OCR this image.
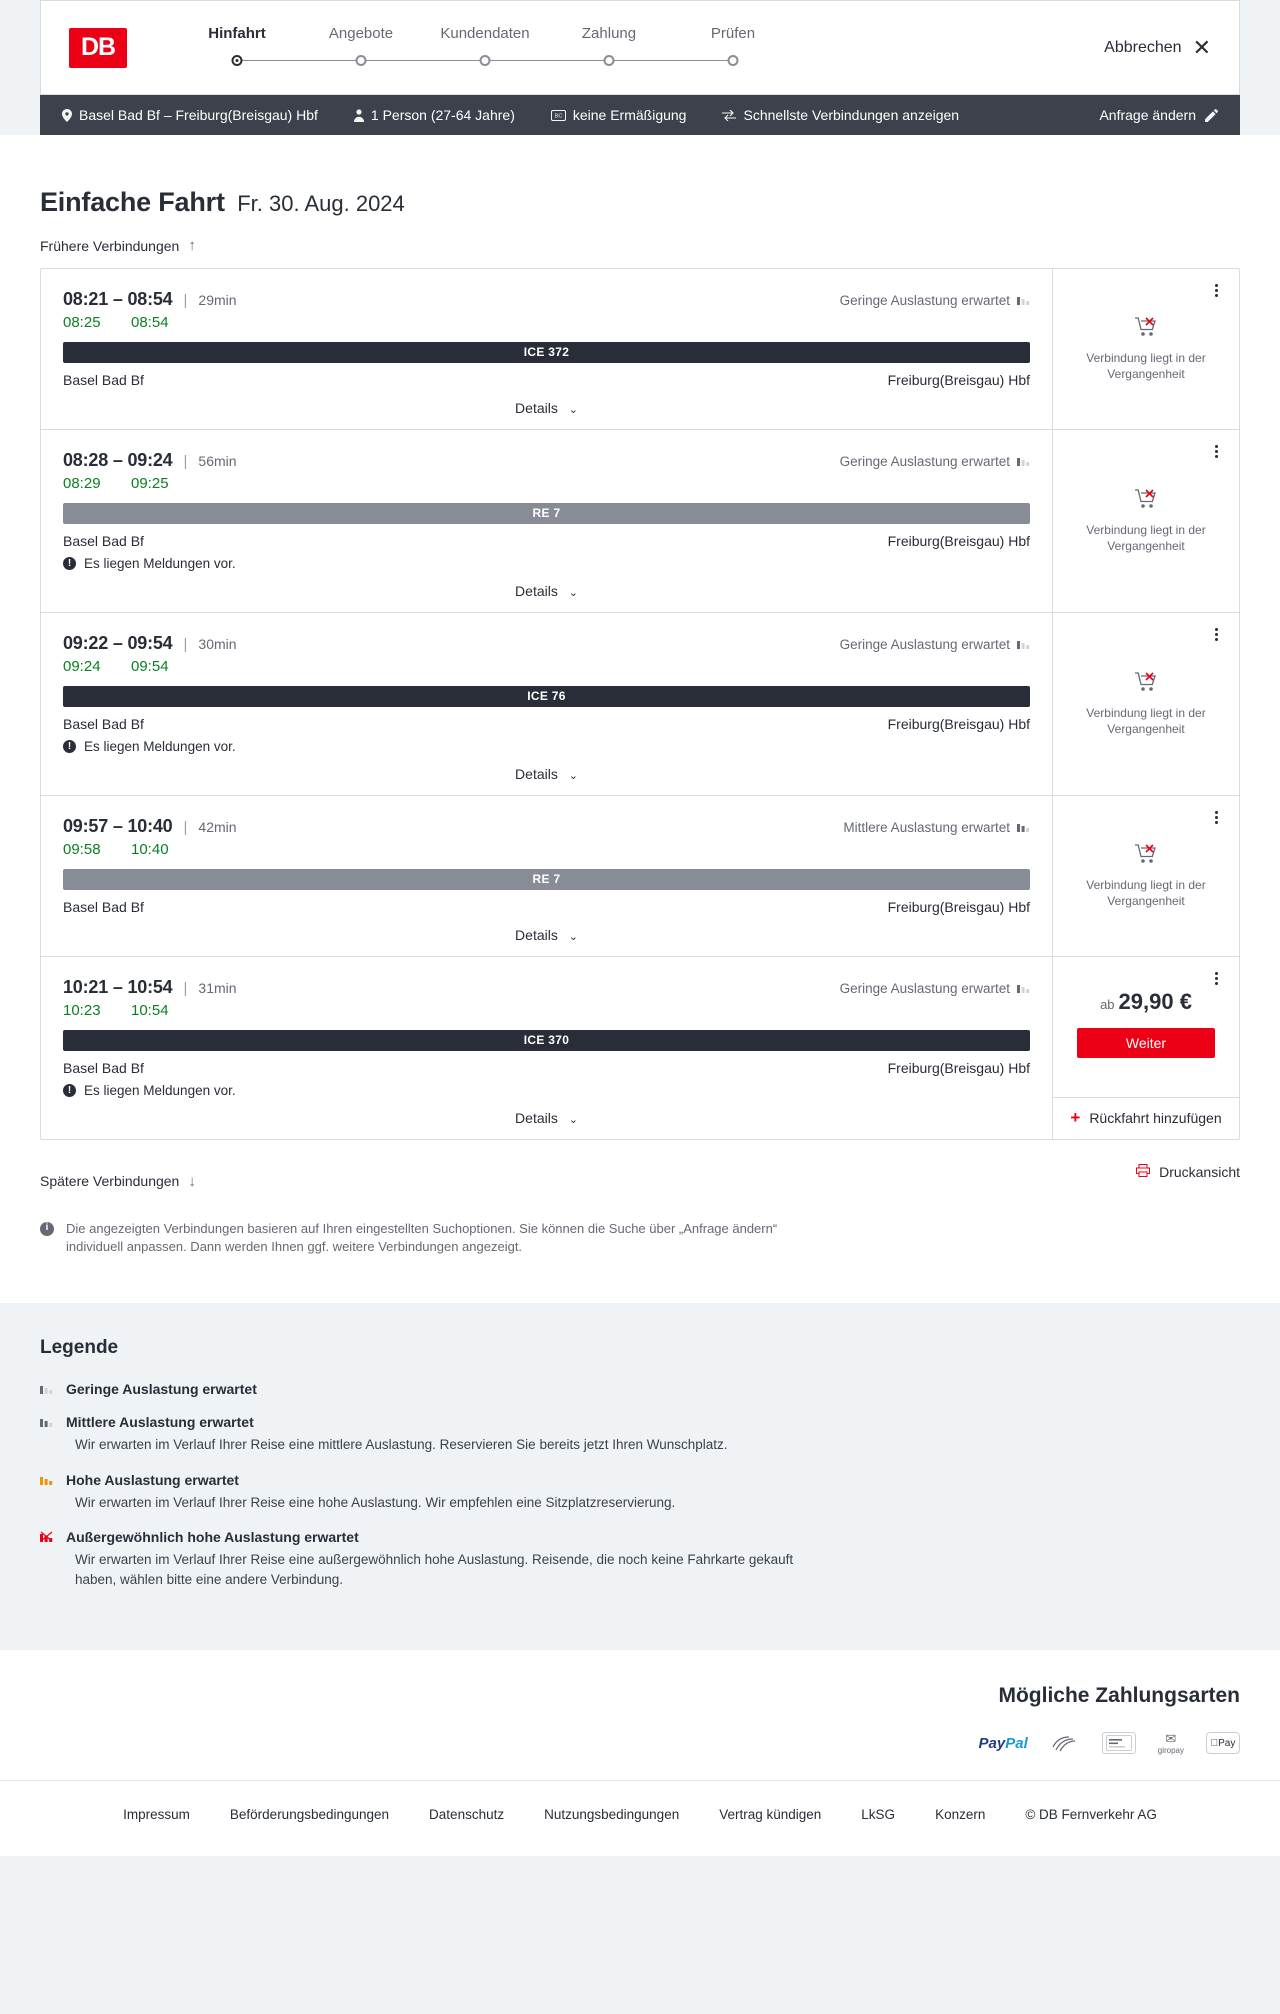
DB	Hinfahrt	Angebote	Kundendaten	Zahlung	Prüfen
Abbrechen ✕
Basel Bad Bf – Freiburg(Breisgau) Hbf	1 Person (27-64 Jahre)	BC keine Ermäßigung	Schnellste Verbindungen anzeigen	Anfrage ändern
Einfache Fahrt Fr. 30. Aug. 2024
Frühere Verbindungen ↑
08:21 – 08:54 | 29min	Geringe Auslastung erwartet
08:25	08:54
ICE 372
Basel Bad Bf	Freiburg(Breisgau) Hbf
Details ⌄
Verbindung liegt in der Vergangenheit
08:28 – 09:24 | 56min	Geringe Auslastung erwartet
08:29	09:25
RE 7
Basel Bad Bf	Freiburg(Breisgau) Hbf
! Es liegen Meldungen vor.
Details ⌄
Verbindung liegt in der Vergangenheit
09:22 – 09:54 | 30min	Geringe Auslastung erwartet
09:24	09:54
ICE 76
Basel Bad Bf	Freiburg(Breisgau) Hbf
! Es liegen Meldungen vor.
Details ⌄
Verbindung liegt in der Vergangenheit
09:57 – 10:40 | 42min	Mittlere Auslastung erwartet
09:58	10:40
RE 7
Basel Bad Bf	Freiburg(Breisgau) Hbf
Details ⌄
Verbindung liegt in der Vergangenheit
10:21 – 10:54 | 31min	Geringe Auslastung erwartet
10:23	10:54
ICE 370
Basel Bad Bf	Freiburg(Breisgau) Hbf
! Es liegen Meldungen vor.
Details ⌄
ab 29,90 €
Weiter
+ Rückfahrt hinzufügen
Spätere Verbindungen ↓
Druckansicht
i	Die angezeigten Verbindungen basieren auf Ihren eingestellten Suchoptionen. Sie können die Suche über „Anfrage ändern“ individuell anpassen. Dann werden Ihnen ggf. weitere Verbindungen angezeigt.
Legende
Geringe Auslastung erwartet
Mittlere Auslastung erwartet
Wir erwarten im Verlauf Ihrer Reise eine mittlere Auslastung. Reservieren Sie bereits jetzt Ihren Wunschplatz.
Hohe Auslastung erwartet
Wir erwarten im Verlauf Ihrer Reise eine hohe Auslastung. Wir empfehlen eine Sitzplatzreservierung.
Außergewöhnlich hohe Auslastung erwartet
Wir erwarten im Verlauf Ihrer Reise eine außergewöhnlich hohe Auslastung. Reisende, die noch keine Fahrkarte gekauft haben, wählen bitte eine andere Verbindung.
Mögliche Zahlungsarten
Pay Pal	✉
giropay
Pay
Impressum	Beförderungsbedingungen	Datenschutz	Nutzungsbedingungen	Vertrag kündigen	LkSG	Konzern	© DB Fernverkehr AG
